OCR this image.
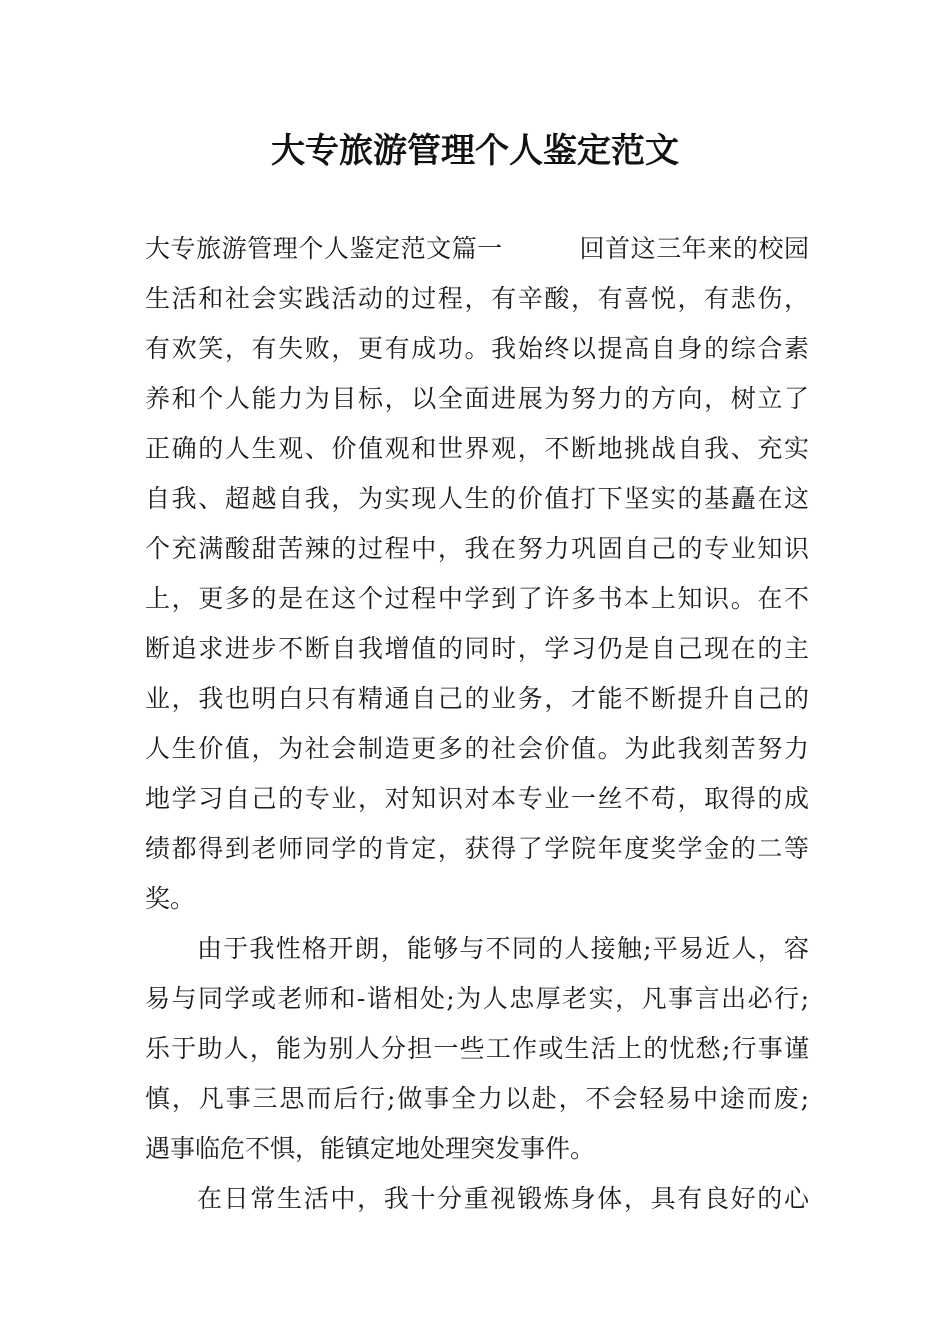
大专旅游管理个人鉴定范文

大专旅游管理个人鉴定范文篇一　　　回首这三年来的校园
生活和社会实践活动的过程，有辛酸，有喜悦，有悲伤，
有欢笑，有失败，更有成功。我始终以提高自身的综合素
养和个人能力为目标，以全面进展为努力的方向，树立了
正确的人生观、价值观和世界观，不断地挑战自我、充实
自我、超越自我，为实现人生的价值打下坚实的基矗在这
个充满酸甜苦辣的过程中，我在努力巩固自己的专业知识
上，更多的是在这个过程中学到了许多书本上知识。在不
断追求进步不断自我增值的同时，学习仍是自己现在的主
业，我也明白只有精通自己的业务，才能不断提升自己的
人生价值，为社会制造更多的社会价值。为此我刻苦努力
地学习自己的专业，对知识对本专业一丝不苟，取得的成
绩都得到老师同学的肯定，获得了学院年度奖学金的二等
奖。

由于我性格开朗，能够与不同的人接触;平易近人，容
易与同学或老师和-谐相处;为人忠厚老实，凡事言出必行;
乐于助人，能为别人分担一些工作或生活上的忧愁;行事谨
慎，凡事三思而后行;做事全力以赴，不会轻易中途而废;
遇事临危不惧，能镇定地处理突发事件。

在日常生活中，我十分重视锻炼身体，具有良好的心
